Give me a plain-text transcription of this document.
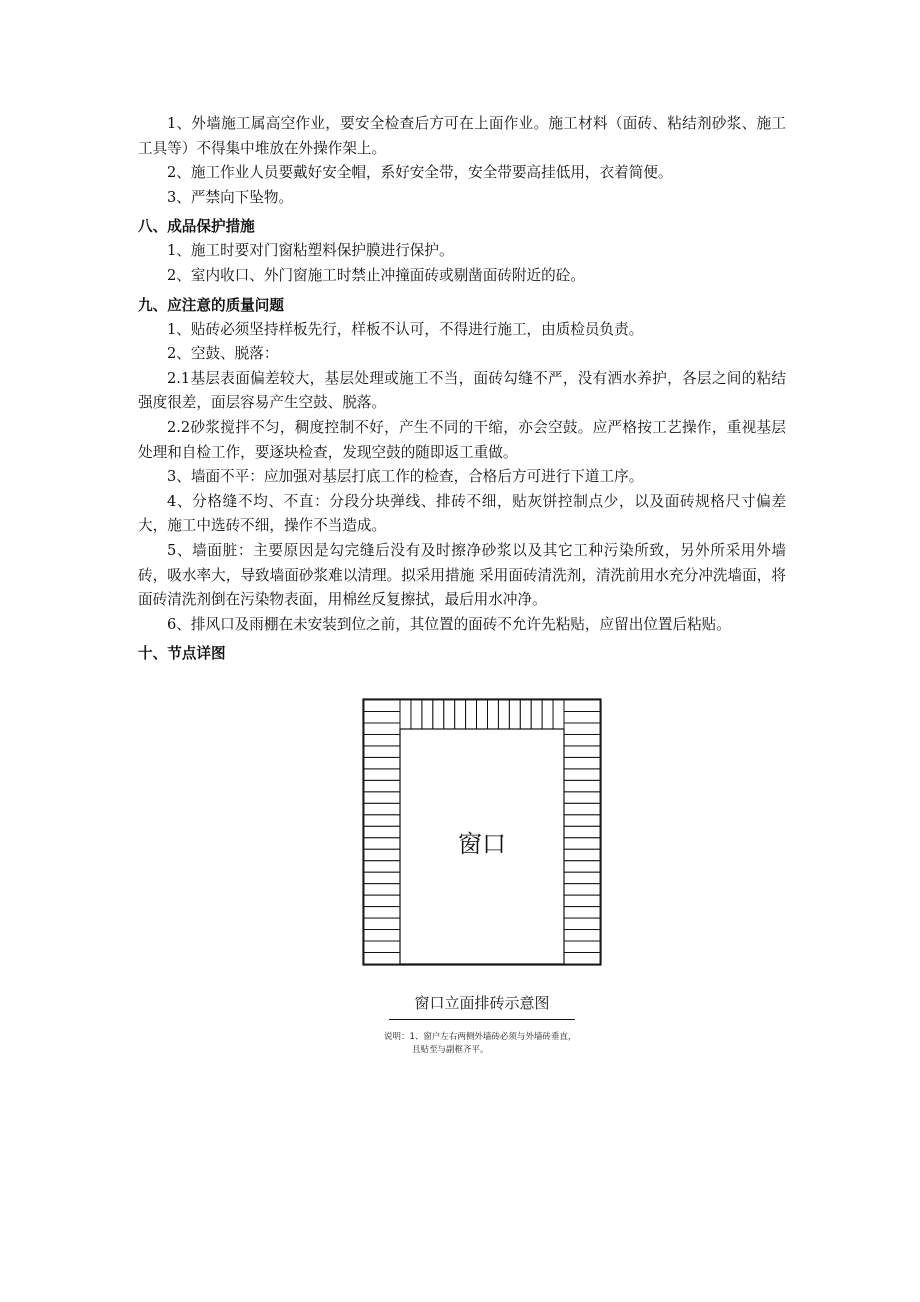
1、外墙施工属高空作业，要安全检查后方可在上面作业。施工材料（面砖、粘结剂砂浆、施工工具等）不得集中堆放在外操作架上。

2、施工作业人员要戴好安全帽，系好安全带，安全带要高挂低用，衣着简便。

3、严禁向下坠物。

八、成品保护措施

1、施工时要对门窗粘塑料保护膜进行保护。

2、室内收口、外门窗施工时禁止冲撞面砖或剔凿面砖附近的砼。

九、应注意的质量问题

1、贴砖必须坚持样板先行，样板不认可，不得进行施工，由质检员负责。

2、空鼓、脱落：

2.1基层表面偏差较大，基层处理或施工不当，面砖勾缝不严，没有洒水养护，各层之间的粘结强度很差，面层容易产生空鼓、脱落。

2.2砂浆搅拌不匀，稠度控制不好，产生不同的干缩，亦会空鼓。应严格按工艺操作，重视基层处理和自检工作，要逐块检查，发现空鼓的随即返工重做。

3、墙面不平：应加强对基层打底工作的检查，合格后方可进行下道工序。

4、分格缝不均、不直：分段分块弹线、排砖不细，贴灰饼控制点少，以及面砖规格尺寸偏差大，施工中选砖不细，操作不当造成。

5、墙面脏：主要原因是勾完缝后没有及时擦净砂浆以及其它工种污染所致，另外所采用外墙砖，吸水率大，导致墙面砂浆难以清理。拟采用措施 采用面砖清洗剂，清洗前用水充分冲洗墙面，将面砖清洗剂倒在污染物表面，用棉丝反复擦拭，最后用水冲净。

6、排风口及雨棚在未安装到位之前，其位置的面砖不允许先粘贴，应留出位置后粘贴。

十、节点详图
窗口
窗口立面排砖示意图
说明：1、窗户左右两侧外墙砖必须与外墙砖垂直，
且贴至与副框齐平。
